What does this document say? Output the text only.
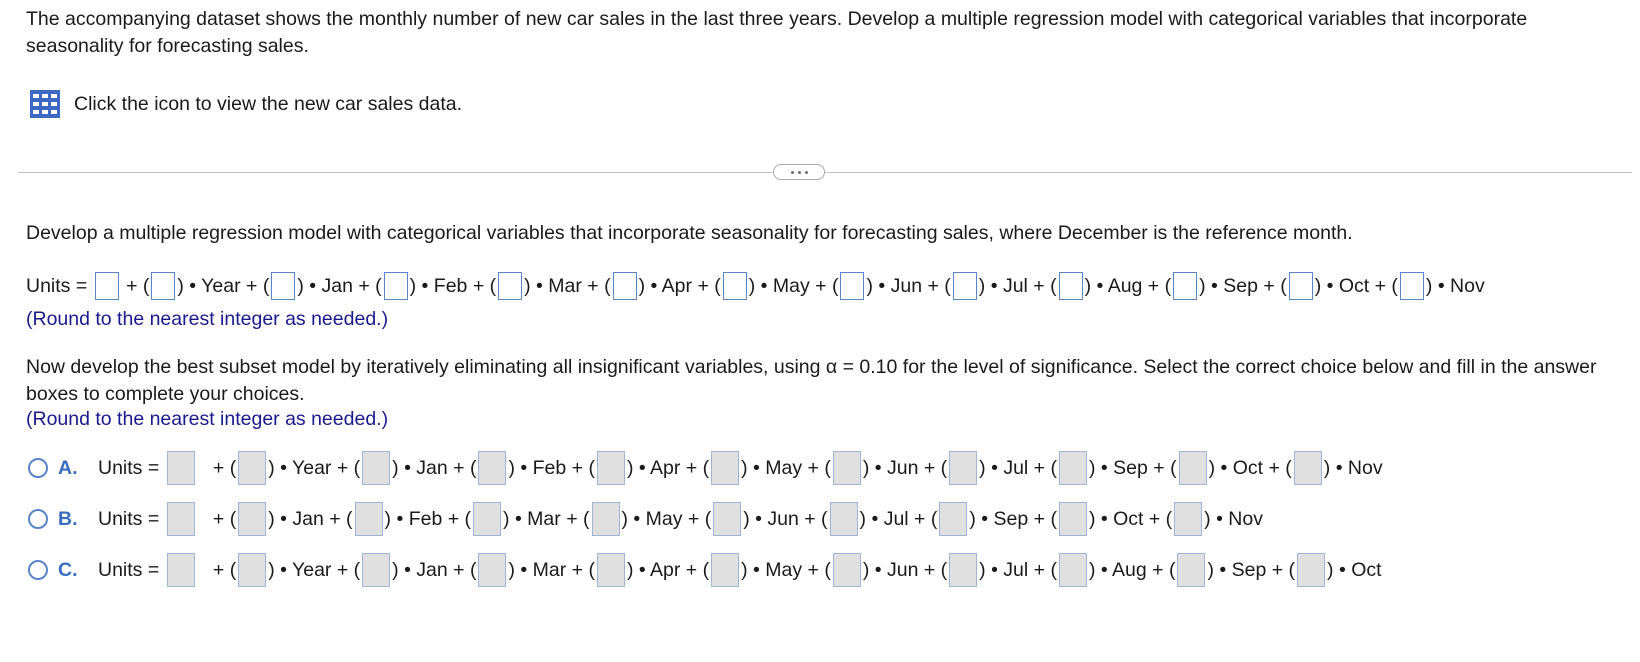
The accompanying dataset shows the monthly number of new car sales in the last three years. Develop a multiple regression model with categorical variables that incorporate seasonality for forecasting sales.
Click the icon to view the new car sales data.
Develop a multiple regression model with categorical variables that incorporate seasonality for forecasting sales, where December is the reference month.
Units = + ( ) • Year + ( ) • Jan + ( ) • Feb + ( ) • Mar + ( ) • Apr + ( ) • May + ( ) • Jun + ( ) • Jul + ( ) • Aug + ( ) • Sep + ( ) • Oct + ( ) • Nov
(Round to the nearest integer as needed.)
Now develop the best subset model by iteratively eliminating all insignificant variables, using α = 0.10 for the level of significance. Select the correct choice below and fill in the answer boxes to complete your choices.
(Round to the nearest integer as needed.)
A.	Units = + ( ) • Year + ( ) • Jan + ( ) • Feb + ( ) • Apr + ( ) • May + ( ) • Jun + ( ) • Jul + ( ) • Sep + ( ) • Oct + ( ) • Nov
B.	Units = + ( ) • Jan + ( ) • Feb + ( ) • Mar + ( ) • May + ( ) • Jun + ( ) • Jul + ( ) • Sep + ( ) • Oct + ( ) • Nov
C.	Units = + ( ) • Year + ( ) • Jan + ( ) • Mar + ( ) • Apr + ( ) • May + ( ) • Jun + ( ) • Jul + ( ) • Aug + ( ) • Sep + ( ) • Oct
